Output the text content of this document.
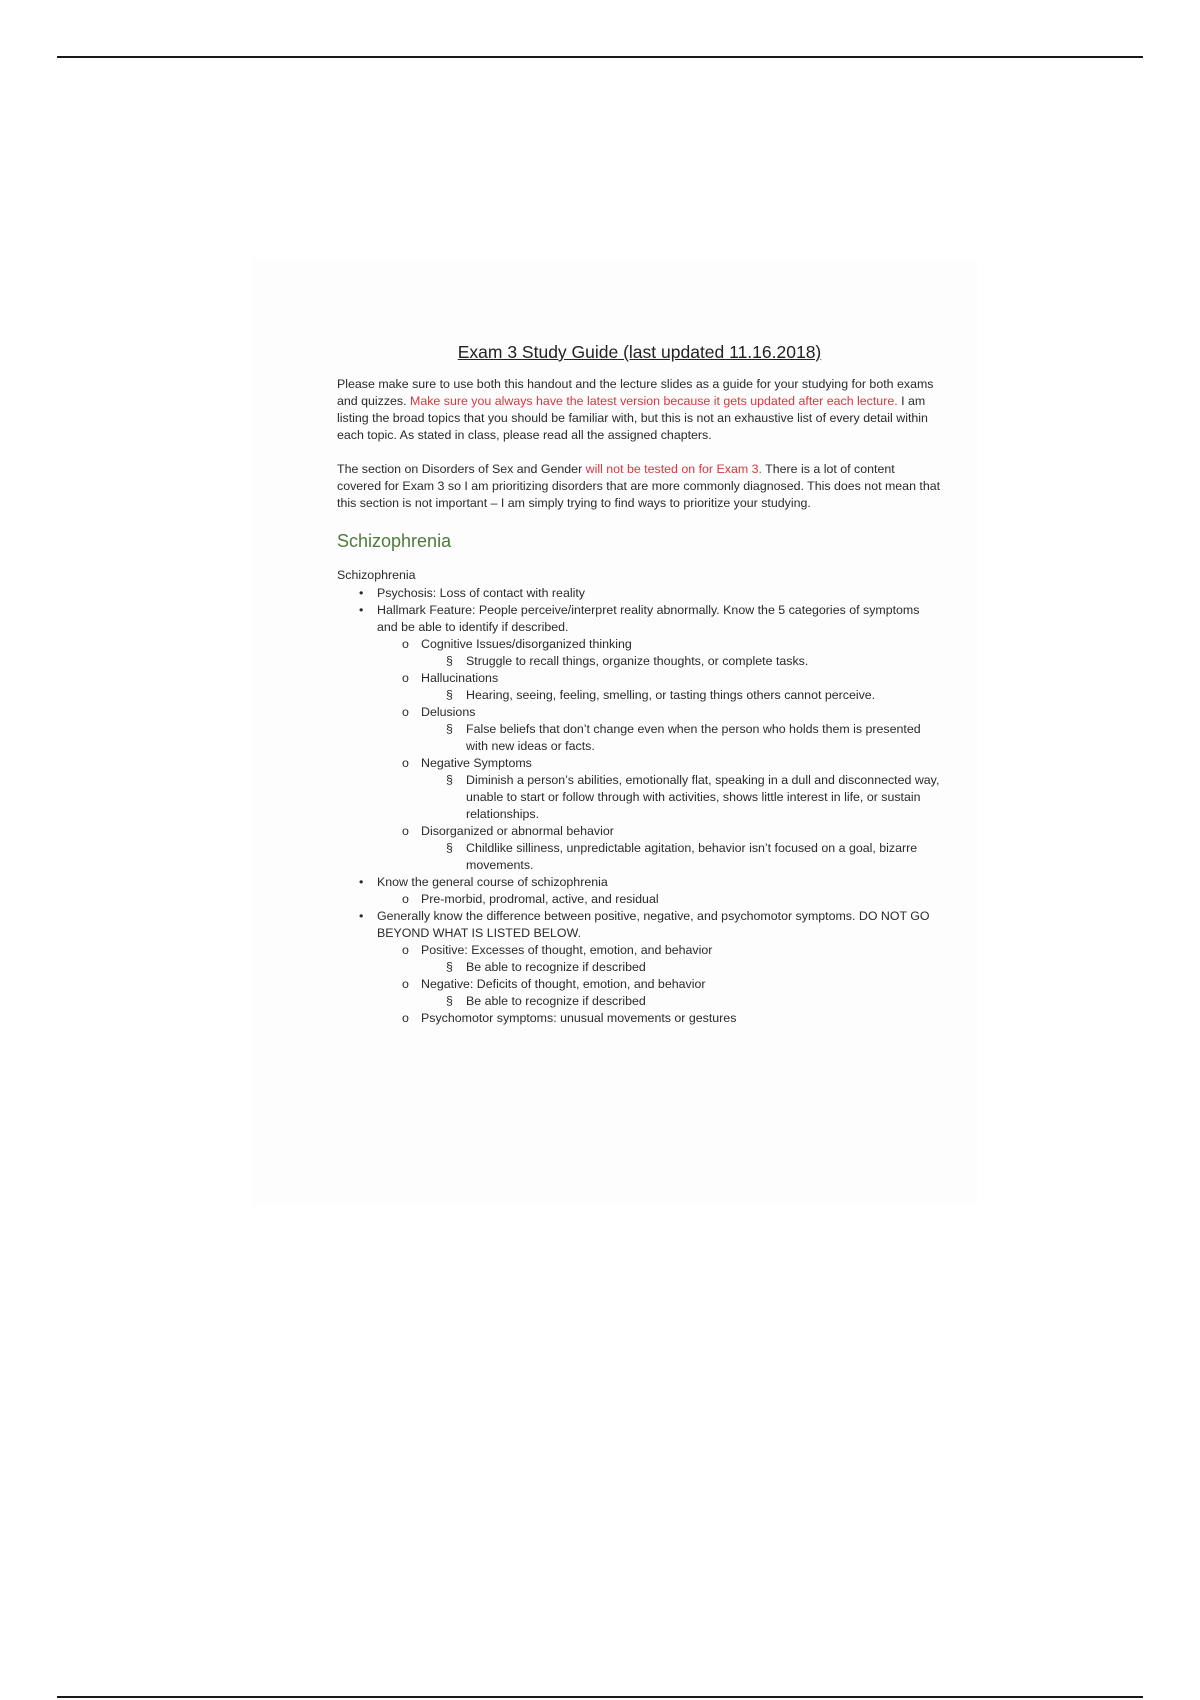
Exam 3 Study Guide (last updated 11.16.2018)

Please make sure to use both this handout and the lecture slides as a guide for your studying for both exams and quizzes. Make sure you always have the latest version because it gets updated after each lecture. I am listing the broad topics that you should be familiar with, but this is not an exhaustive list of every detail within each topic. As stated in class, please read all the assigned chapters.

The section on Disorders of Sex and Gender will not be tested on for Exam 3. There is a lot of content covered for Exam 3 so I am prioritizing disorders that are more commonly diagnosed. This does not mean that this section is not important – I am simply trying to find ways to prioritize your studying.

Schizophrenia
Schizophrenia
• Psychosis: Loss of contact with reality
• Hallmark Feature: People perceive/interpret reality abnormally. Know the 5 categories of symptoms and be able to identify if described.
o Cognitive Issues/disorganized thinking
§ Struggle to recall things, organize thoughts, or complete tasks.
o Hallucinations
§ Hearing, seeing, feeling, smelling, or tasting things others cannot perceive.
o Delusions
§ False beliefs that don’t change even when the person who holds them is presented with new ideas or facts.
o Negative Symptoms
§ Diminish a person’s abilities, emotionally flat, speaking in a dull and disconnected way, unable to start or follow through with activities, shows little interest in life, or sustain relationships.
o Disorganized or abnormal behavior
§ Childlike silliness, unpredictable agitation, behavior isn’t focused on a goal, bizarre movements.
• Know the general course of schizophrenia
o Pre-morbid, prodromal, active, and residual
• Generally know the difference between positive, negative, and psychomotor symptoms. DO NOT GO BEYOND WHAT IS LISTED BELOW.
o Positive: Excesses of thought, emotion, and behavior
§ Be able to recognize if described
o Negative: Deficits of thought, emotion, and behavior
§ Be able to recognize if described
o Psychomotor symptoms: unusual movements or gestures
